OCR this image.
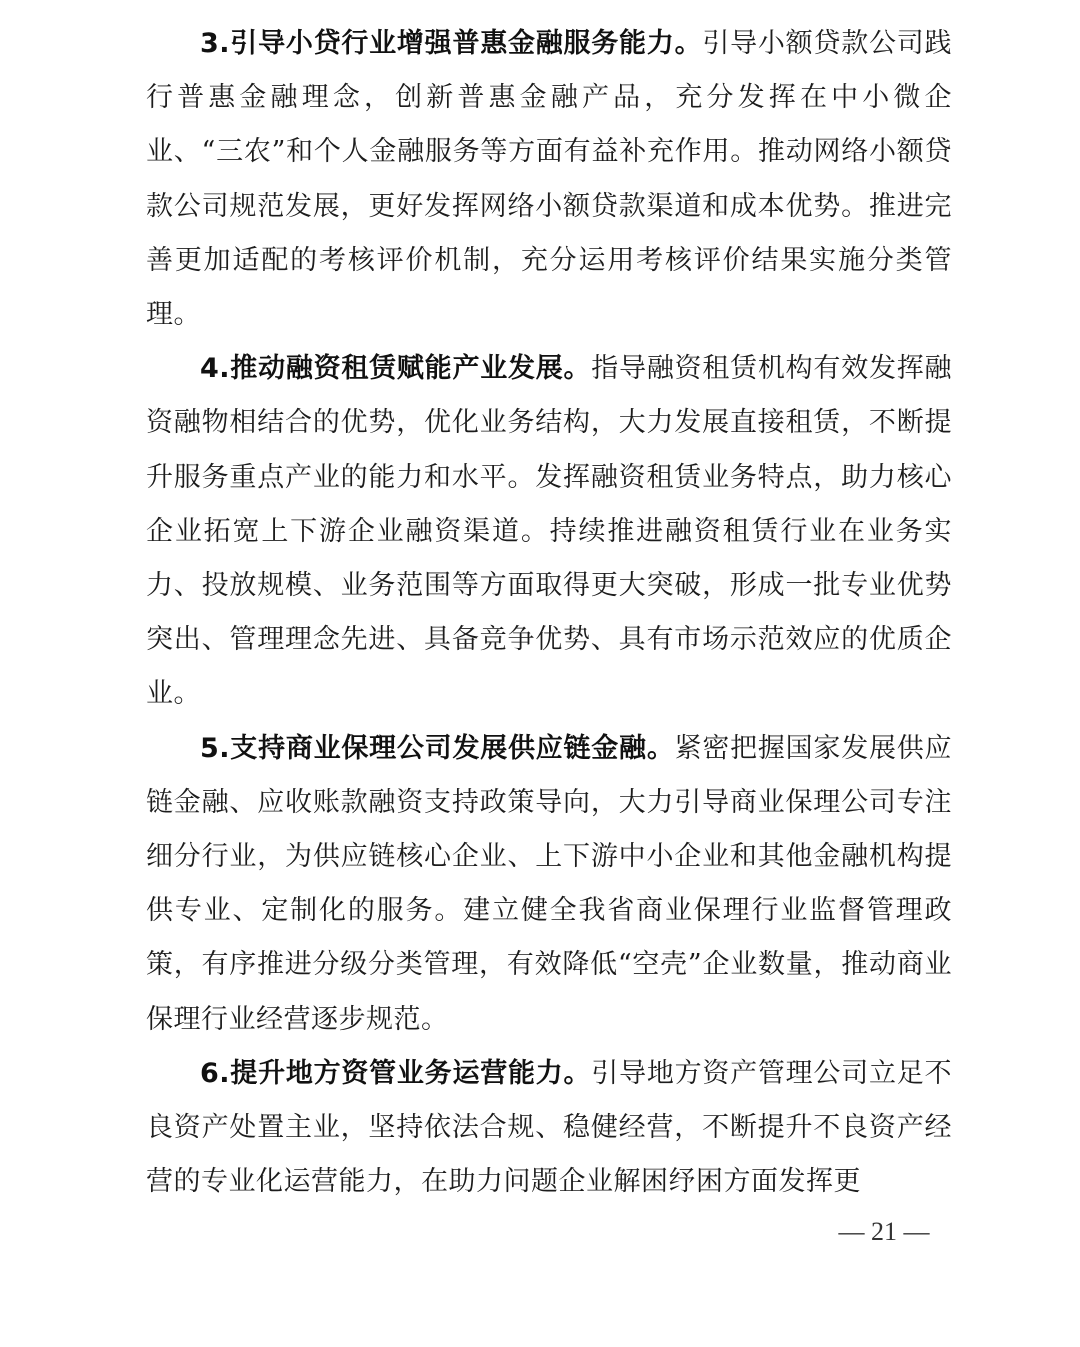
3.引导小贷行业增强普惠金融服务能力。引导小额贷款公司践行普惠金融理念，创新普惠金融产品，充分发挥在中小微企业、“三农”和个人金融服务等方面有益补充作用。推动网络小额贷款公司规范发展，更好发挥网络小额贷款渠道和成本优势。推进完善更加适配的考核评价机制，充分运用考核评价结果实施分类管理。

4.推动融资租赁赋能产业发展。指导融资租赁机构有效发挥融资融物相结合的优势，优化业务结构，大力发展直接租赁，不断提升服务重点产业的能力和水平。发挥融资租赁业务特点，助力核心企业拓宽上下游企业融资渠道。持续推进融资租赁行业在业务实力、投放规模、业务范围等方面取得更大突破，形成一批专业优势突出、管理理念先进、具备竞争优势、具有市场示范效应的优质企业。

5.支持商业保理公司发展供应链金融。紧密把握国家发展供应链金融、应收账款融资支持政策导向，大力引导商业保理公司专注细分行业，为供应链核心企业、上下游中小企业和其他金融机构提供专业、定制化的服务。建立健全我省商业保理行业监督管理政策，有序推进分级分类管理，有效降低“空壳”企业数量，推动商业保理行业经营逐步规范。

6.提升地方资管业务运营能力。引导地方资产管理公司立足不良资产处置主业，坚持依法合规、稳健经营，不断提升不良资产经营的专业化运营能力，在助力问题企业解困纾困方面发挥更

— 21 —
